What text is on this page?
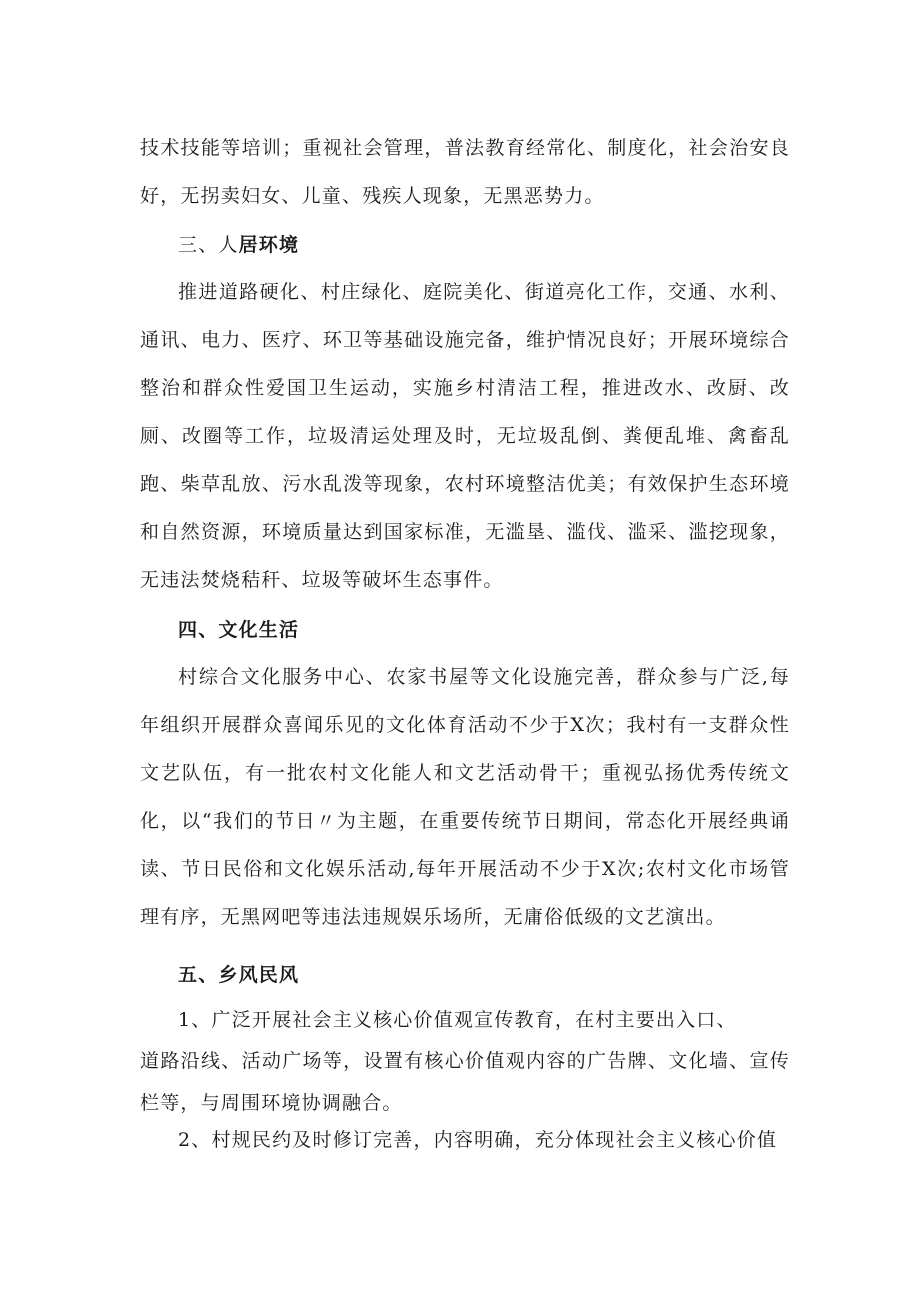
技术技能等培训；重视社会管理，普法教育经常化、制度化，社会治安良好，无拐卖妇女、儿童、残疾人现象，无黑恶势力。

三、人居环境

推进道路硬化、村庄绿化、庭院美化、街道亮化工作，交通、水利、通讯、电力、医疗、环卫等基础设施完备，维护情况良好；开展环境综合整治和群众性爱国卫生运动，实施乡村清洁工程，推进改水、改厨、改厕、改圈等工作，垃圾清运处理及时，无垃圾乱倒、粪便乱堆、禽畜乱跑、柴草乱放、污水乱泼等现象，农村环境整洁优美；有效保护生态环境和自然资源，环境质量达到国家标准，无滥垦、滥伐、滥采、滥挖现象，无违法焚烧秸秆、垃圾等破坏生态事件。

四、文化生活

村综合文化服务中心、农家书屋等文化设施完善，群众参与广泛,每年组织开展群众喜闻乐见的文化体育活动不少于X次；我村有一支群众性文艺队伍，有一批农村文化能人和文艺活动骨干；重视弘扬优秀传统文化，以“我们的节日〃为主题，在重要传统节日期间，常态化开展经典诵读、节日民俗和文化娱乐活动,每年开展活动不少于X次;农村文化市场管理有序，无黑网吧等违法违规娱乐场所，无庸俗低级的文艺演出。

五、乡风民风

1、广泛开展社会主义核心价值观宣传教育，在村主要出入口、

道路沿线、活动广场等，设置有核心价值观内容的广告牌、文化墙、宣传栏等，与周围环境协调融合。

2、村规民约及时修订完善，内容明确，充分体现社会主义核心价值
